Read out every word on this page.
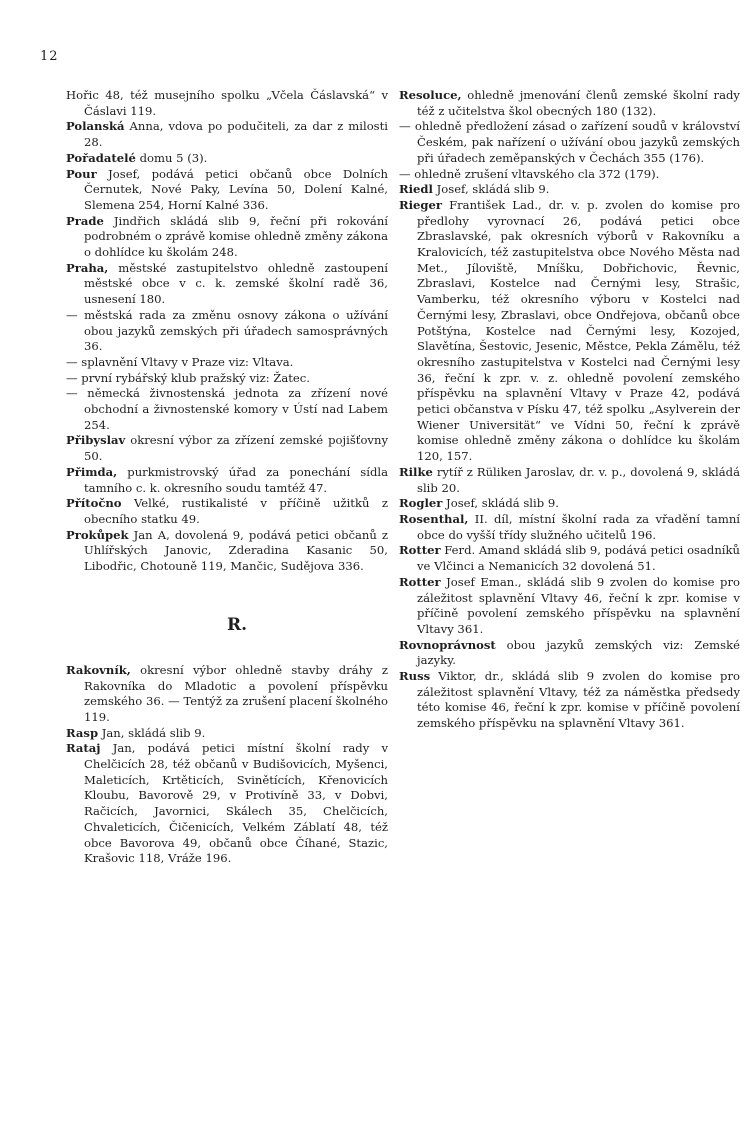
12

Hořic 48, též musejního spolku „Včela Čáslavská“ v Čáslavi 119.

Polanská Anna, vdova po podučiteli, za dar z milosti 28.

Pořadatelé domu 5 (3).

Pour Josef, podává petici občanů obce Dolních Černutek, Nové Paky, Levína 50, Dolení Kalné, Slemena 254, Horní Kalné 336.

Prade Jindřich skládá slib 9, řeční při rokování podrobném o zprávě komise ohledně změny zákona o dohlídce ku školám 248.

Praha, městské zastupitelstvo ohledně zastoupení městské obce v c. k. zemské školní radě 36, usnesení 180.

— městská rada za změnu osnovy zákona o užívání obou jazyků zemských při úřadech samosprávných 36.

— splavnění Vltavy v Praze viz: Vltava.

— první rybářský klub pražský viz: Žatec.

— německá živnostenská jednota za zřízení nové obchodní a živnostenské komory v Ústí nad Labem 254.

Přibyslav okresní výbor za zřízení zemské pojišťovny 50.

Přimda, purkmistrovský úřad za ponechání sídla tamního c. k. okresního soudu tamtéž 47.

Přítočno Velké, rustikalisté v příčině užitků z obecního statku 49.

Prokůpek Jan A, dovolená 9, podává petici občanů z Uhlířských Janovic, Zderadina Kasanic 50, Libodřic, Chotouně 119, Mančic, Sudějova 336.

R.

Rakovník, okresní výbor ohledně stavby dráhy z Rakovníka do Mladotic a povolení příspěvku zemského 36. — Tentýž za zrušení placení školného 119.

Rasp Jan, skládá slib 9.

Rataj Jan, podává petici místní školní rady v Chelčicích 28, též občanů v Budišovicích, Myšenci, Maleticích, Krtěticích, Svinětících, Křenovicích Kloubu, Bavorově 29, v Protivíně 33, v Dobvi, Račicích, Javornici, Skálech 35, Chelčicích, Chvaleticích, Čičenicích, Velkém Záblatí 48, též obce Bavorova 49, občanů obce Číhané, Stazic, Krašovic 118, Vráže 196.

Resoluce, ohledně jmenování členů zemské školní rady též z učitelstva škol obecných 180 (132).

— ohledně předložení zásad o zařízení soudů v království Českém, pak nařízení o užívání obou jazyků zemských při úřadech zeměpanských v Čechách 355 (176).

— ohledně zrušení vltavského cla 372 (179).

Riedl Josef, skládá slib 9.

Rieger František Lad., dr. v. p. zvolen do komise pro předlohy vyrovnací 26, podává petici obce Zbraslavské, pak okresních výborů v Rakovníku a Kralovicích, též zastupitelstva obce Nového Města nad Met., Jíloviště, Mníšku, Dobřichovic, Řevnic, Zbraslavi, Kostelce nad Černými lesy, Strašic, Vamberku, též okresního výboru v Kostelci nad Černými lesy, Zbraslavi, obce Ondřejova, občanů obce Potštýna, Kostelce nad Černými lesy, Kozojed, Slavětína, Šestovic, Jesenic, Městce, Pekla Zámělu, též okresního zastupitelstva v Kostelci nad Černými lesy 36, řeční k zpr. v. z. ohledně povolení zemského příspěvku na splavnění Vltavy v Praze 42, podává petici občanstva v Písku 47, též spolku „Asylverein der Wiener Universität“ ve Vídni 50, řeční k zprávě komise ohledně změny zákona o dohlídce ku školám 120, 157.

Rilke rytíř z Rüliken Jaroslav, dr. v. p., dovolená 9, skládá slib 20.

Rogler Josef, skládá slib 9.

Rosenthal, II. díl, místní školní rada za vřadění tamní obce do vyšší třídy služného učitelů 196.

Rotter Ferd. Amand skládá slib 9, podává petici osadníků ve Vlčinci a Nemanicích 32 dovolená 51.

Rotter Josef Eman., skládá slib 9 zvolen do komise pro záležitost splavnění Vltavy 46, řeční k zpr. komise v příčině povolení zemského příspěvku na splavnění Vltavy 361.

Rovnoprávnost obou jazyků zemských viz: Zemské jazyky.

Russ Viktor, dr., skládá slib 9 zvolen do komise pro záležitost splavnění Vltavy, též za náměstka předsedy této komise 46, řeční k zpr. komise v příčině povolení zemského příspěvku na splavnění Vltavy 361.
